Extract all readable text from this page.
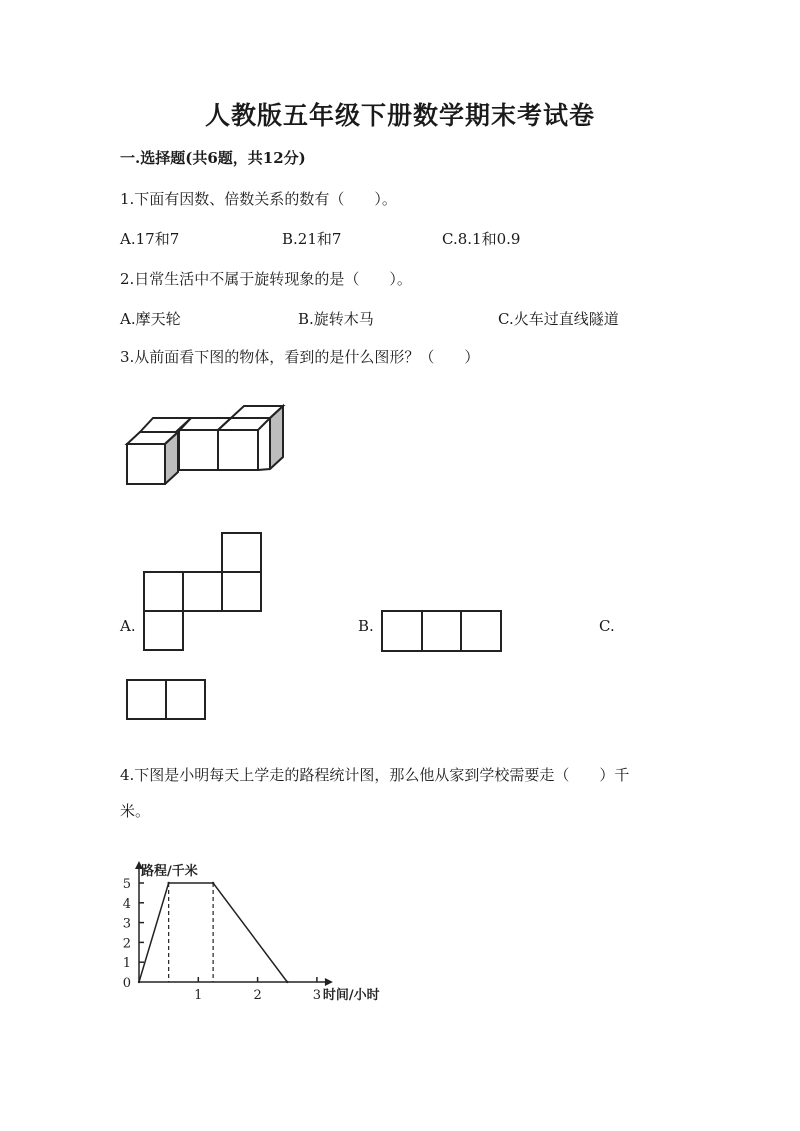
人教版五年级下册数学期末考试卷
一.选择题(共6题，共12分)
1.下面有因数、倍数关系的数有（　　）。
A.17和7	B.21和7	C.8.1和0.9
2.日常生活中不属于旋转现象的是（　　）。
A.摩天轮	B.旋转木马	C.火车过直线隧道
3.从前面看下图的物体，看到的是什么图形？（　　）
A.	B.	C.
4.下图是小明每天上学走的路程统计图，那么他从家到学校需要走（　　）千
米。
0
1
2
3
4
5
1	2	3
路程/千米
时间/小时
